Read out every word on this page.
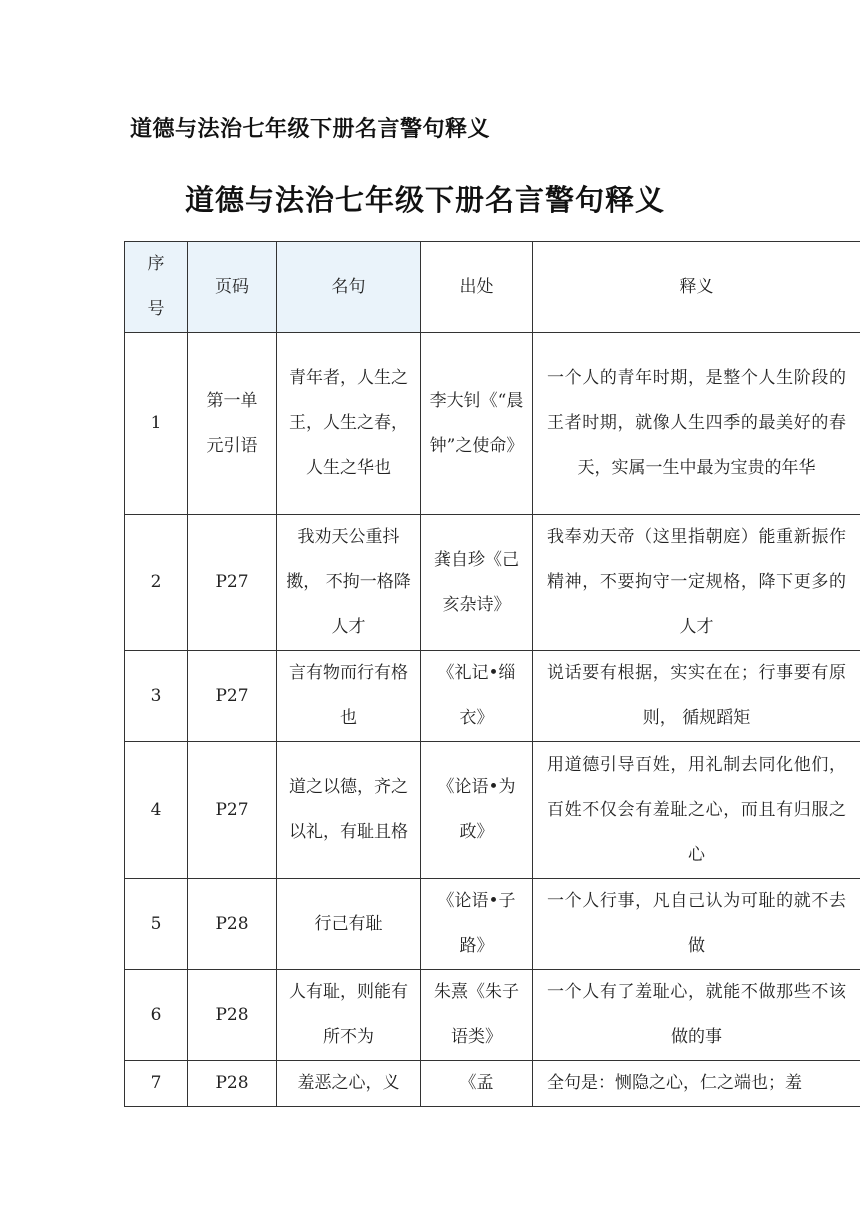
道德与法治七年级下册名言警句释义
道德与法治七年级下册名言警句释义
序号	页码	名句	出处	释义
1	第一单元引语	青年者，人生之王，人生之春，人生之华也	李大钊《“晨钟”之使命》	一个人的青年时期，是整个人生阶段的王者时期，就像人生四季的最美好的春天，实属一生中最为宝贵的年华
2	P27	我劝天公重抖擞， 不拘一格降人才	龚自珍《己亥杂诗》	我奉劝天帝（这里指朝庭）能重新振作精神，不要拘守一定规格，降下更多的人才
3	P27	言有物而行有格也	《礼记•缁衣》	说话要有根据，实实在在；行事要有原则， 循规蹈矩
4	P27	道之以德，齐之以礼，有耻且格	《论语•为政》	用道德引导百姓，用礼制去同化他们，百姓不仅会有羞耻之心，而且有归服之心
5	P28	行己有耻	《论语•子路》	一个人行事，凡自己认为可耻的就不去做
6	P28	人有耻，则能有所不为	朱熹《朱子语类》	一个人有了羞耻心，就能不做那些不该做的事
7	P28	羞恶之心，义	《孟	全句是：恻隐之心，仁之端也；羞
